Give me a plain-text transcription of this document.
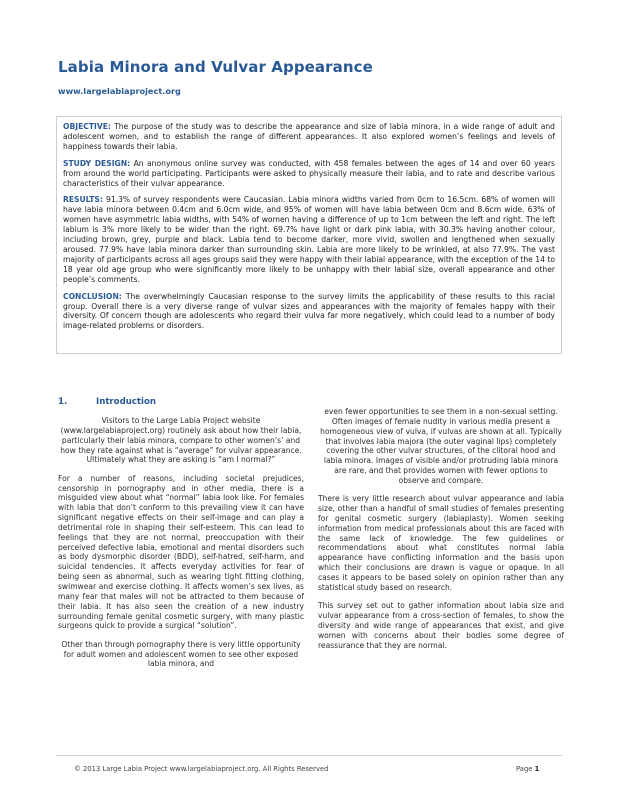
Labia Minora and Vulvar Appearance
www.largelabiaproject.org

OBJECTIVE: The purpose of the study was to describe the appearance and size of labia minora, in a wide range of adult and adolescent women, and to establish the range of different appearances. It also explored women’s feelings and levels of happiness towards their labia.

STUDY DESIGN: An anonymous online survey was conducted, with 458 females between the ages of 14 and over 60 years from around the world participating. Participants were asked to physically measure their labia, and to rate and describe various characteristics of their vulvar appearance.

RESULTS: 91.3% of survey respondents were Caucasian. Labia minora widths varied from 0cm to 16.5cm. 68% of women will have labia minora between 0.4cm and 6.0cm wide, and 95% of women will have labia between 0cm and 8.6cm wide. 63% of women have asymmetric labia widths, with 54% of women having a difference of up to 1cm between the left and right. The left labium is 3% more likely to be wider than the right. 69.7% have light or dark pink labia, with 30.3% having another colour, including brown, grey, purple and black. Labia tend to become darker, more vivid, swollen and lengthened when sexually aroused. 77.9% have labia minora darker than surrounding skin. Labia are more likely to be wrinkled, at also 77.9%. The vast majority of participants across all ages groups said they were happy with their labial appearance, with the exception of the 14 to 18 year old age group who were significantly more likely to be unhappy with their labial size, overall appearance and other people’s comments.

CONCLUSION: The overwhelmingly Caucasian response to the survey limits the applicability of these results to this racial group. Overall there is a very diverse range of vulvar sizes and appearances with the majority of females happy with their diversity. Of concern though are adolescents who regard their vulva far more negatively, which could lead to a number of body image-related problems or disorders.

1.	Introduction

Visitors to the Large Labia Project website (www.largelabiaproject.org) routinely ask about how their labia, particularly their labia minora, compare to other women’s’ and how they rate against what is “average” for vulvar appearance. Ultimately what they are asking is “am I normal?”

For a number of reasons, including societal prejudices, censorship in pornography and in other media, there is a misguided view about what “normal” labia look like. For females with labia that don’t conform to this prevailing view it can have significant negative effects on their self-image and can play a detrimental role in shaping their self-esteem. This can lead to feelings that they are not normal, preoccupation with their perceived defective labia, emotional and mental disorders such as body dysmorphic disorder (BDD), self-hatred, self-harm, and suicidal tendencies. It affects everyday activities for fear of being seen as abnormal, such as wearing tight fitting clothing, swimwear and exercise clothing. It affects women’s sex lives, as many fear that males will not be attracted to them because of their labia. It has also seen the creation of a new industry surrounding female genital cosmetic surgery, with many plastic surgeons quick to provide a surgical “solution”.

Other than through pornography there is very little opportunity for adult women and adolescent women to see other exposed labia minora, and

even fewer opportunities to see them in a non-sexual setting. Often images of female nudity in various media present a homogeneous view of vulva, if vulvas are shown at all. Typically that involves labia majora (the outer vaginal lips) completely covering the other vulvar structures, of the clitoral hood and labia minora. Images of visible and/or protruding labia minora are rare, and that provides women with fewer options to observe and compare.

There is very little research about vulvar appearance and labia size, other than a handful of small studies of females presenting for genital cosmetic surgery (labiaplasty). Women seeking information from medical professionals about this are faced with the same lack of knowledge. The few guidelines or recommendations about what constitutes normal labia appearance have conflicting information and the basis upon which their conclusions are drawn is vague or opaque. In all cases it appears to be based solely on opinion rather than any statistical study based on research.

This survey set out to gather information about labia size and vulvar appearance from a cross-section of females, to show the diversity and wide range of appearances that exist, and give women with concerns about their bodies some degree of reassurance that they are normal.

© 2013 Large Labia Project www.largelabiaproject.org. All Rights Reserved	Page 1
